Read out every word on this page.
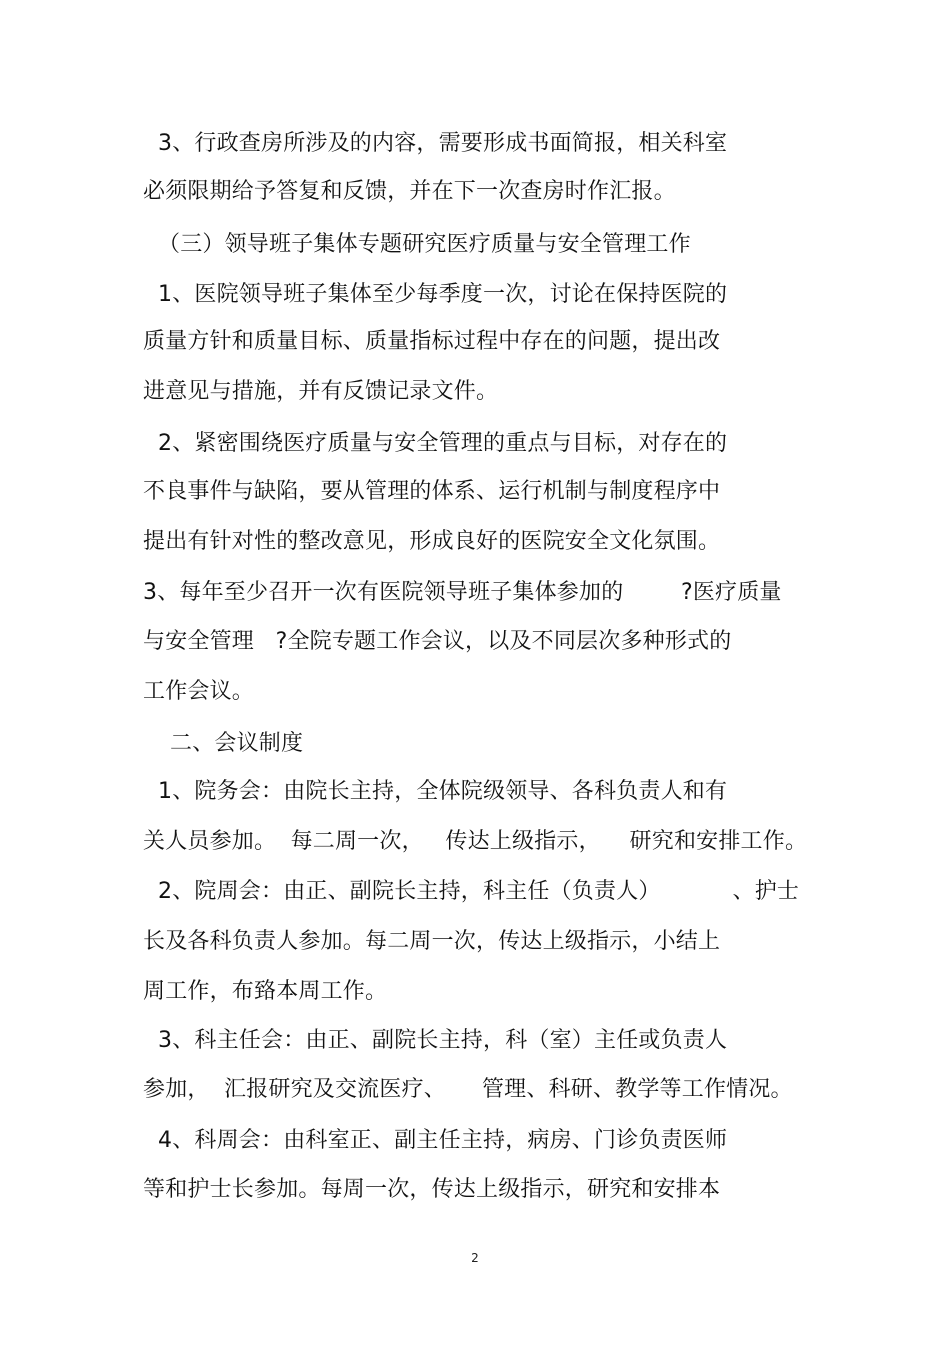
3、行政查房所涉及的内容，需要形成书面简报，相关科室
必须限期给予答复和反馈，并在下一次查房时作汇报。
（三）领导班子集体专题研究医疗质量与安全管理工作
1、医院领导班子集体至少每季度一次，讨论在保持医院的
质量方针和质量目标、质量指标过程中存在的问题，提出改
进意见与措施，并有反馈记录文件。
2、紧密围绕医疗质量与安全管理的重点与目标，对存在的
不良事件与缺陷，要从管理的体系、运行机制与制度程序中
提出有针对性的整改意见，形成良好的医院安全文化氛围。
3、每年至少召开一次有医院领导班子集体参加的        ?医疗质量
与安全管理   ?全院专题工作会议，以及不同层次多种形式的
工作会议。
二、会议制度
1、院务会：由院长主持，全体院级领导、各科负责人和有
关人员参加。  每二周一次，   传达上级指示，    研究和安排工作。
2、院周会：由正、副院长主持，科主任（负责人）          、护士
长及各科负责人参加。每二周一次，传达上级指示，小结上
周工作，布臵本周工作。
3、科主任会：由正、副院长主持，科（室）主任或负责人
参加，  汇报研究及交流医疗、     管理、科研、教学等工作情况。
4、科周会：由科室正、副主任主持，病房、门诊负责医师
等和护士长参加。每周一次，传达上级指示，研究和安排本
2
